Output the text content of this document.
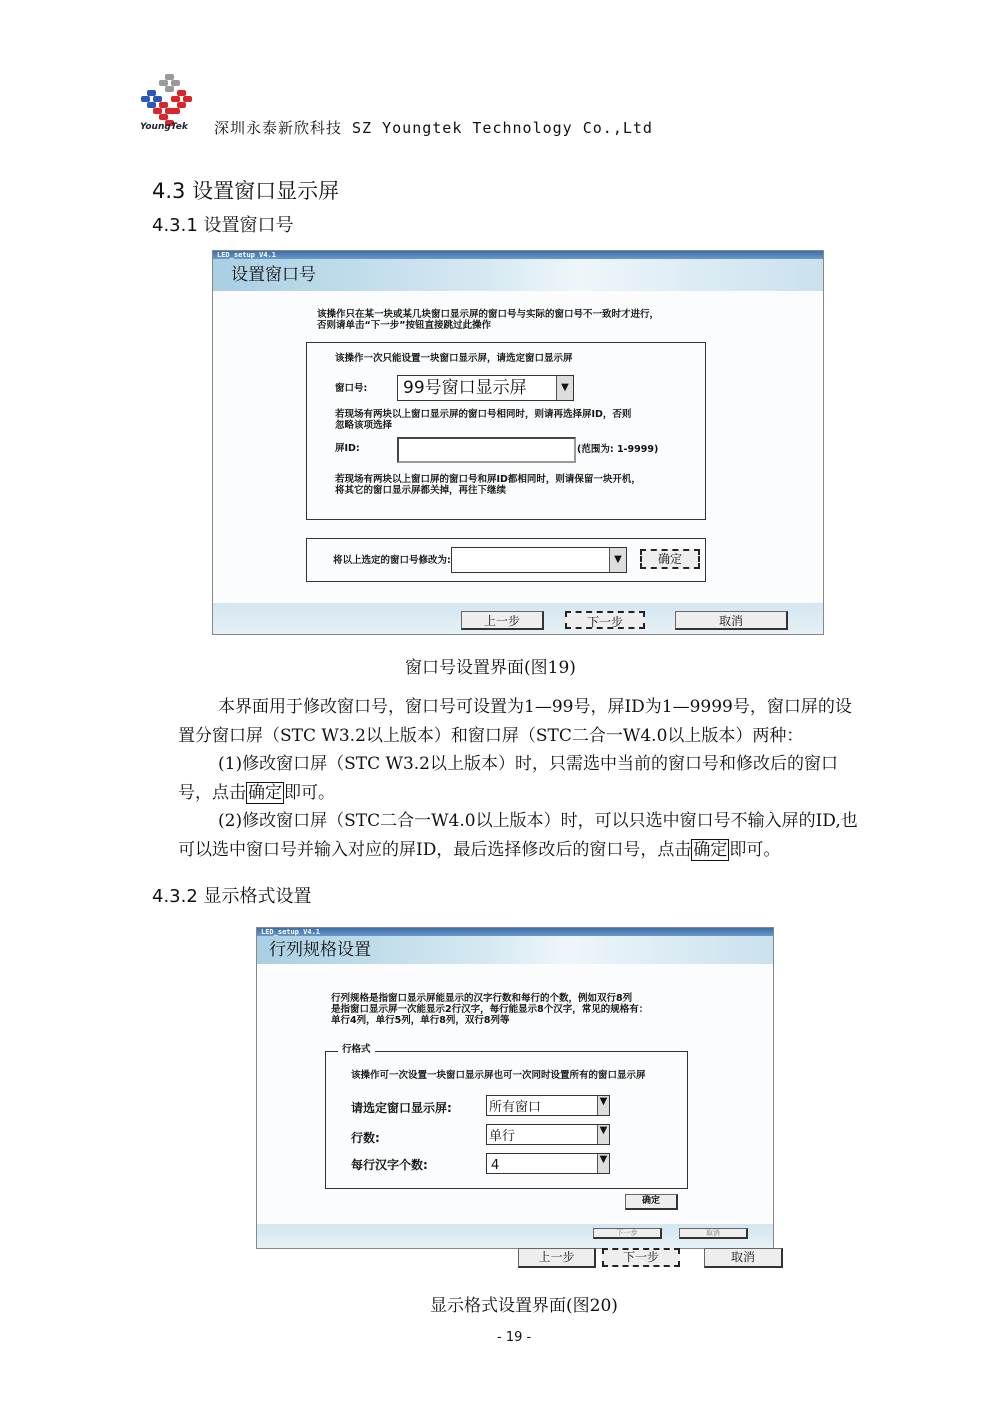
YoungTek 深圳永泰新欣科技 SZ Youngtek Technology Co.,Ltd
4.3 设置窗口显示屏
4.3.1 设置窗口号
LED_setup V4.1
设置窗口号
该操作只在某一块或某几块窗口显示屏的窗口号与实际的窗口号不一致时才进行，
否则请单击“下一步”按钮直接跳过此操作
该操作一次只能设置一块窗口显示屏，请选定窗口显示屏
窗口号:	99号窗口显示屏	▼
若现场有两块以上窗口显示屏的窗口号相同时，则请再选择屏ID，否则
忽略该项选择
屏ID:	(范围为: 1-9999)
若现场有两块以上窗口屏的窗口号和屏ID都相同时，则请保留一块开机，
将其它的窗口显示屏都关掉，再往下继续
将以上选定的窗口号修改为:	▼	确定
上一步	下一步	取消
窗口号设置界面(图19)
本界面用于修改窗口号，窗口号可设置为1—99号，屏ID为1—9999号，窗口屏的设置分窗口屏（STC W3.2以上版本）和窗口屏（STC二合一W4.0以上版本）两种：
(1)修改窗口屏（STC W3.2以上版本）时，只需选中当前的窗口号和修改后的窗口号，点击 确定 即可。
(2)修改窗口屏（STC二合一W4.0以上版本）时，可以只选中窗口号不输入屏的ID,也可以选中窗口号并输入对应的屏ID，最后选择修改后的窗口号，点击 确定 即可。
4.3.2 显示格式设置
LED_setup V4.1
行列规格设置
行列规格是指窗口显示屏能显示的汉字行数和每行的个数，例如双行8列
是指窗口显示屏一次能显示2行汉字，每行能显示8个汉字，常见的规格有：
单行4列，单行5列，单行8列，双行8列等
行格式
该操作可一次设置一块窗口显示屏也可一次同时设置所有的窗口显示屏
请选定窗口显示屏:	所有窗口	▼
行数:	单行	▼
每行汉字个数:	4	▼
确定
下一步	取消
上一步	下一步	取消
显示格式设置界面(图20)
- 19 -
